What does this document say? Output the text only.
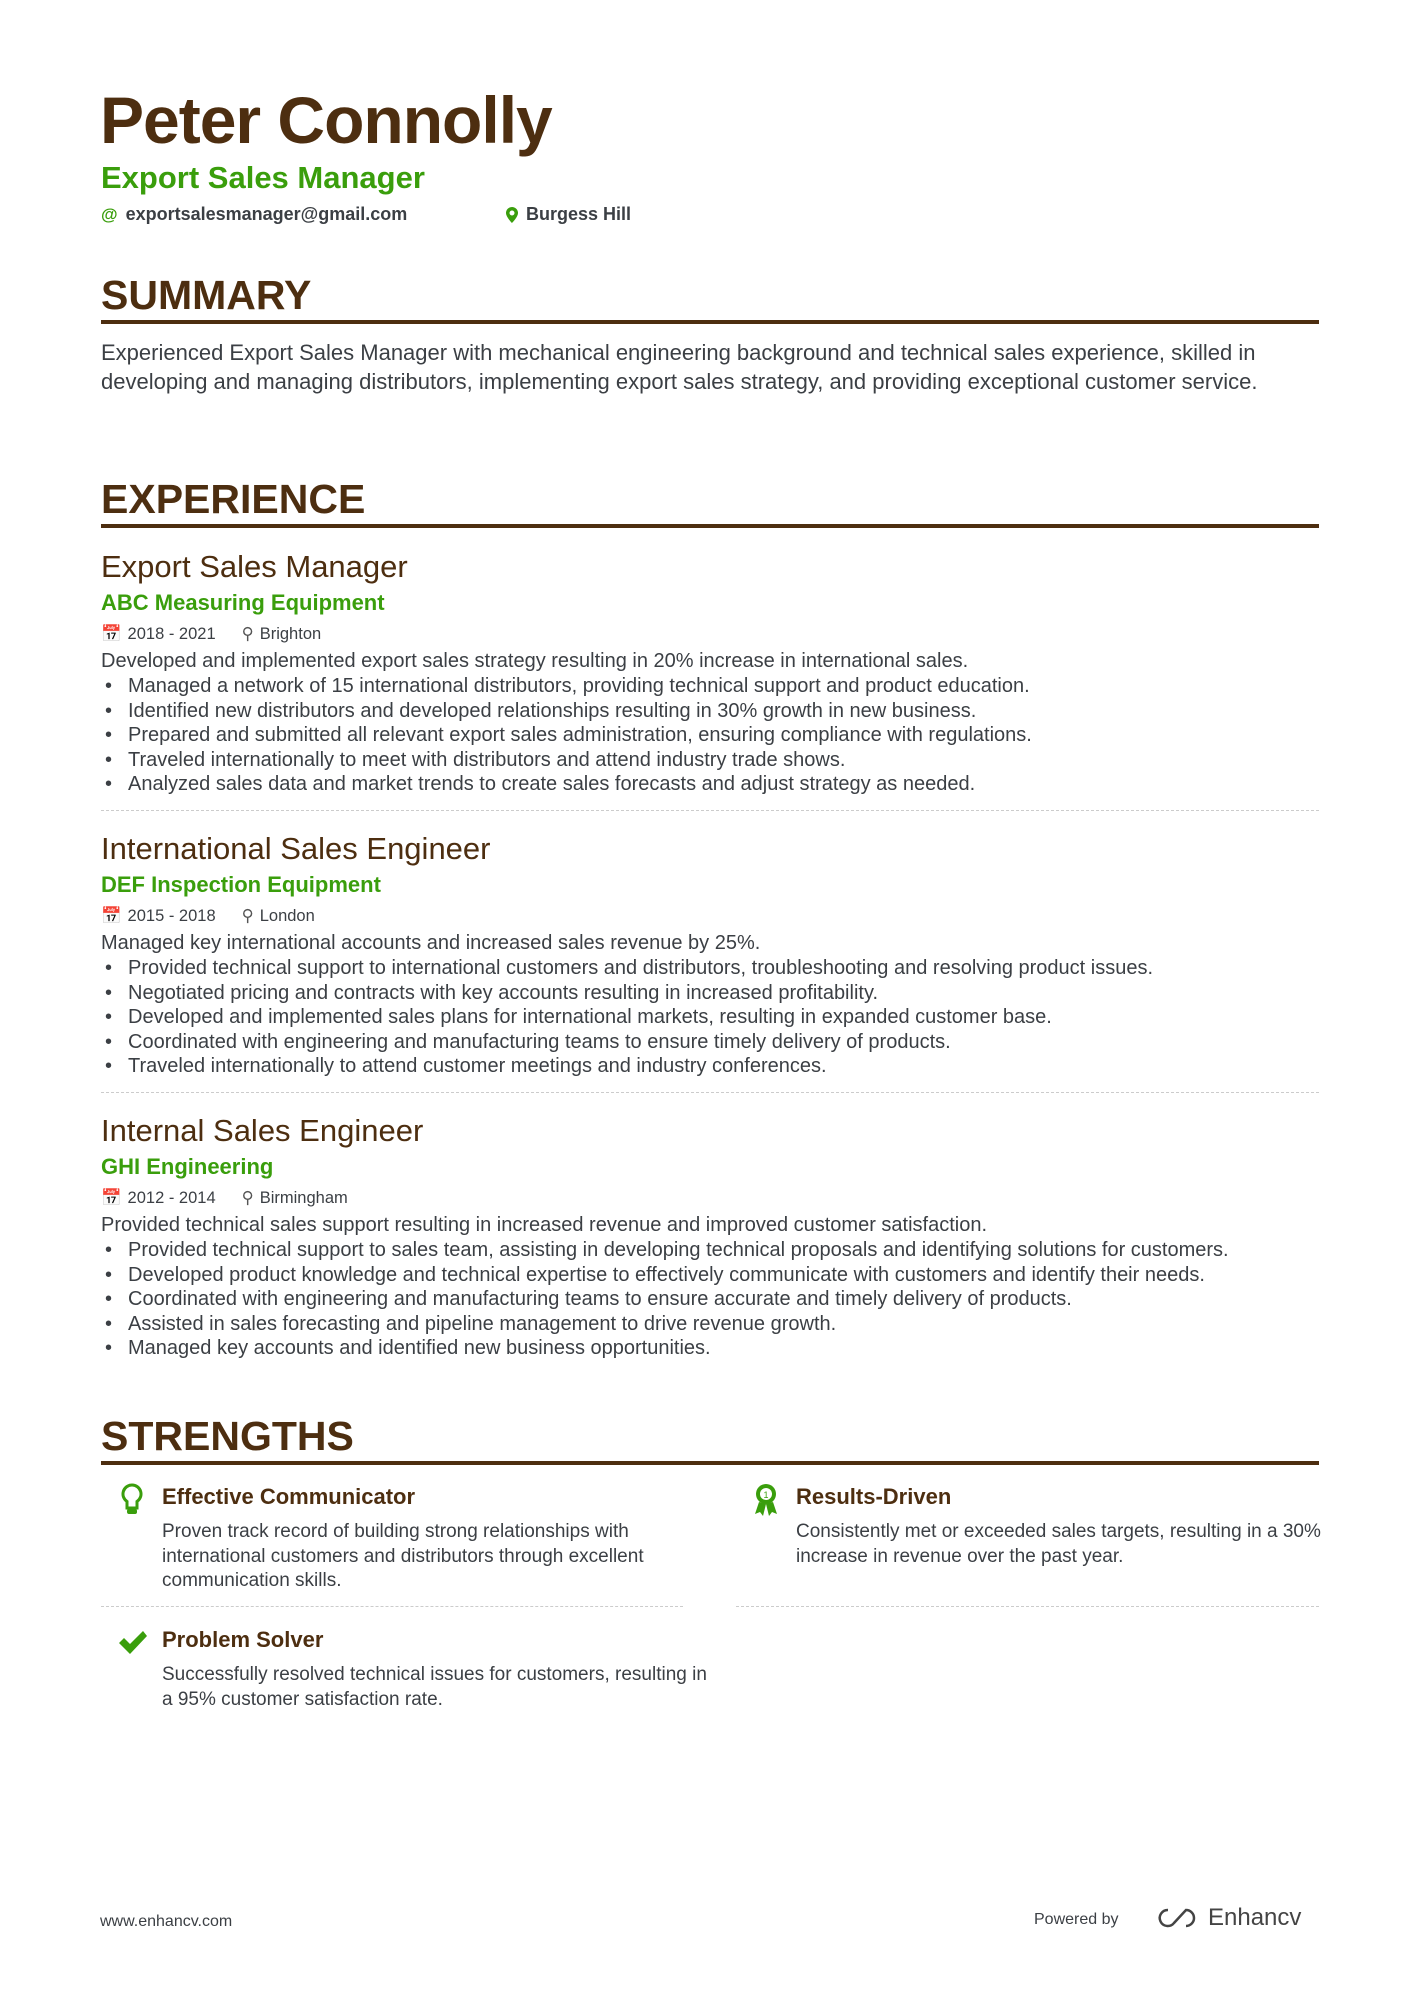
Peter Connolly
Export Sales Manager
@ exportsalesmanager@gmail.com	Burgess Hill
SUMMARY
Experienced Export Sales Manager with mechanical engineering background and technical sales experience, skilled in developing and managing distributors, implementing export sales strategy, and providing exceptional customer service.
EXPERIENCE
Export Sales Manager
ABC Measuring Equipment
📅 2018 - 2021 ⚲ Brighton
Developed and implemented export sales strategy resulting in 20% increase in international sales.
• Managed a network of 15 international distributors, providing technical support and product education.
• Identified new distributors and developed relationships resulting in 30% growth in new business.
• Prepared and submitted all relevant export sales administration, ensuring compliance with regulations.
• Traveled internationally to meet with distributors and attend industry trade shows.
• Analyzed sales data and market trends to create sales forecasts and adjust strategy as needed.
International Sales Engineer
DEF Inspection Equipment
📅 2015 - 2018 ⚲ London
Managed key international accounts and increased sales revenue by 25%.
• Provided technical support to international customers and distributors, troubleshooting and resolving product issues.
• Negotiated pricing and contracts with key accounts resulting in increased profitability.
• Developed and implemented sales plans for international markets, resulting in expanded customer base.
• Coordinated with engineering and manufacturing teams to ensure timely delivery of products.
• Traveled internationally to attend customer meetings and industry conferences.
Internal Sales Engineer
GHI Engineering
📅 2012 - 2014 ⚲ Birmingham
Provided technical sales support resulting in increased revenue and improved customer satisfaction.
• Provided technical support to sales team, assisting in developing technical proposals and identifying solutions for customers.
• Developed product knowledge and technical expertise to effectively communicate with customers and identify their needs.
• Coordinated with engineering and manufacturing teams to ensure accurate and timely delivery of products.
• Assisted in sales forecasting and pipeline management to drive revenue growth.
• Managed key accounts and identified new business opportunities.
STRENGTHS
Effective Communicator
Proven track record of building strong relationships with international customers and distributors through excellent communication skills.
1 Results-Driven
Consistently met or exceeded sales targets, resulting in a 30% increase in revenue over the past year.
Problem Solver
Successfully resolved technical issues for customers, resulting in a 95% customer satisfaction rate.
www.enhancv.com	Powered by	Enhancv
